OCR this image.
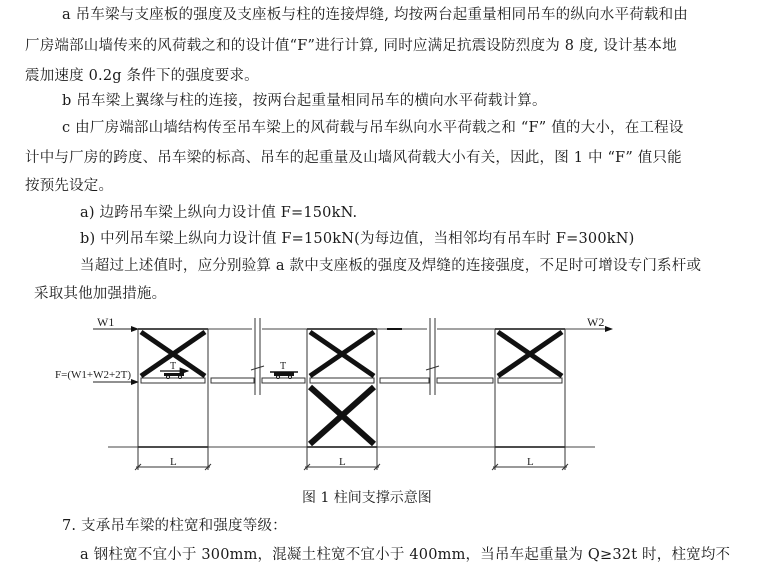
a 吊车梁与支座板的强度及支座板与柱的连接焊缝, 均按两台起重量相同吊车的纵向水平荷载和由
厂房端部山墙传来的风荷载之和的设计值“F”进行计算, 同时应满足抗震设防烈度为 8 度, 设计基本地
震加速度 0.2g 条件下的强度要求。
b 吊车梁上翼缘与柱的连接，按两台起重量相同吊车的横向水平荷载计算。
c 由厂房端部山墙结构传至吊车梁上的风荷载与吊车纵向水平荷载之和 “F” 值的大小，在工程设
计中与厂房的跨度、吊车梁的标高、吊车的起重量及山墙风荷载大小有关，因此，图 1 中 “F” 值只能
按预先设定。
a) 边跨吊车梁上纵向力设计值 F=150kN.
b) 中列吊车梁上纵向力设计值 F=150kN(为每边值，当相邻均有吊车时 F=300kN)
当超过上述值时，应分别验算 a 款中支座板的强度及焊缝的连接强度，不足时可增设专门系杆或
采取其他加强措施。
W1	W2
F=(W1+W2+2T)
T	T
L	L	L
图 1 柱间支撑示意图
7. 支承吊车梁的柱宽和强度等级：
a 钢柱宽不宜小于 300mm，混凝土柱宽不宜小于 400mm，当吊车起重量为 Q≥32t 时，柱宽均不
